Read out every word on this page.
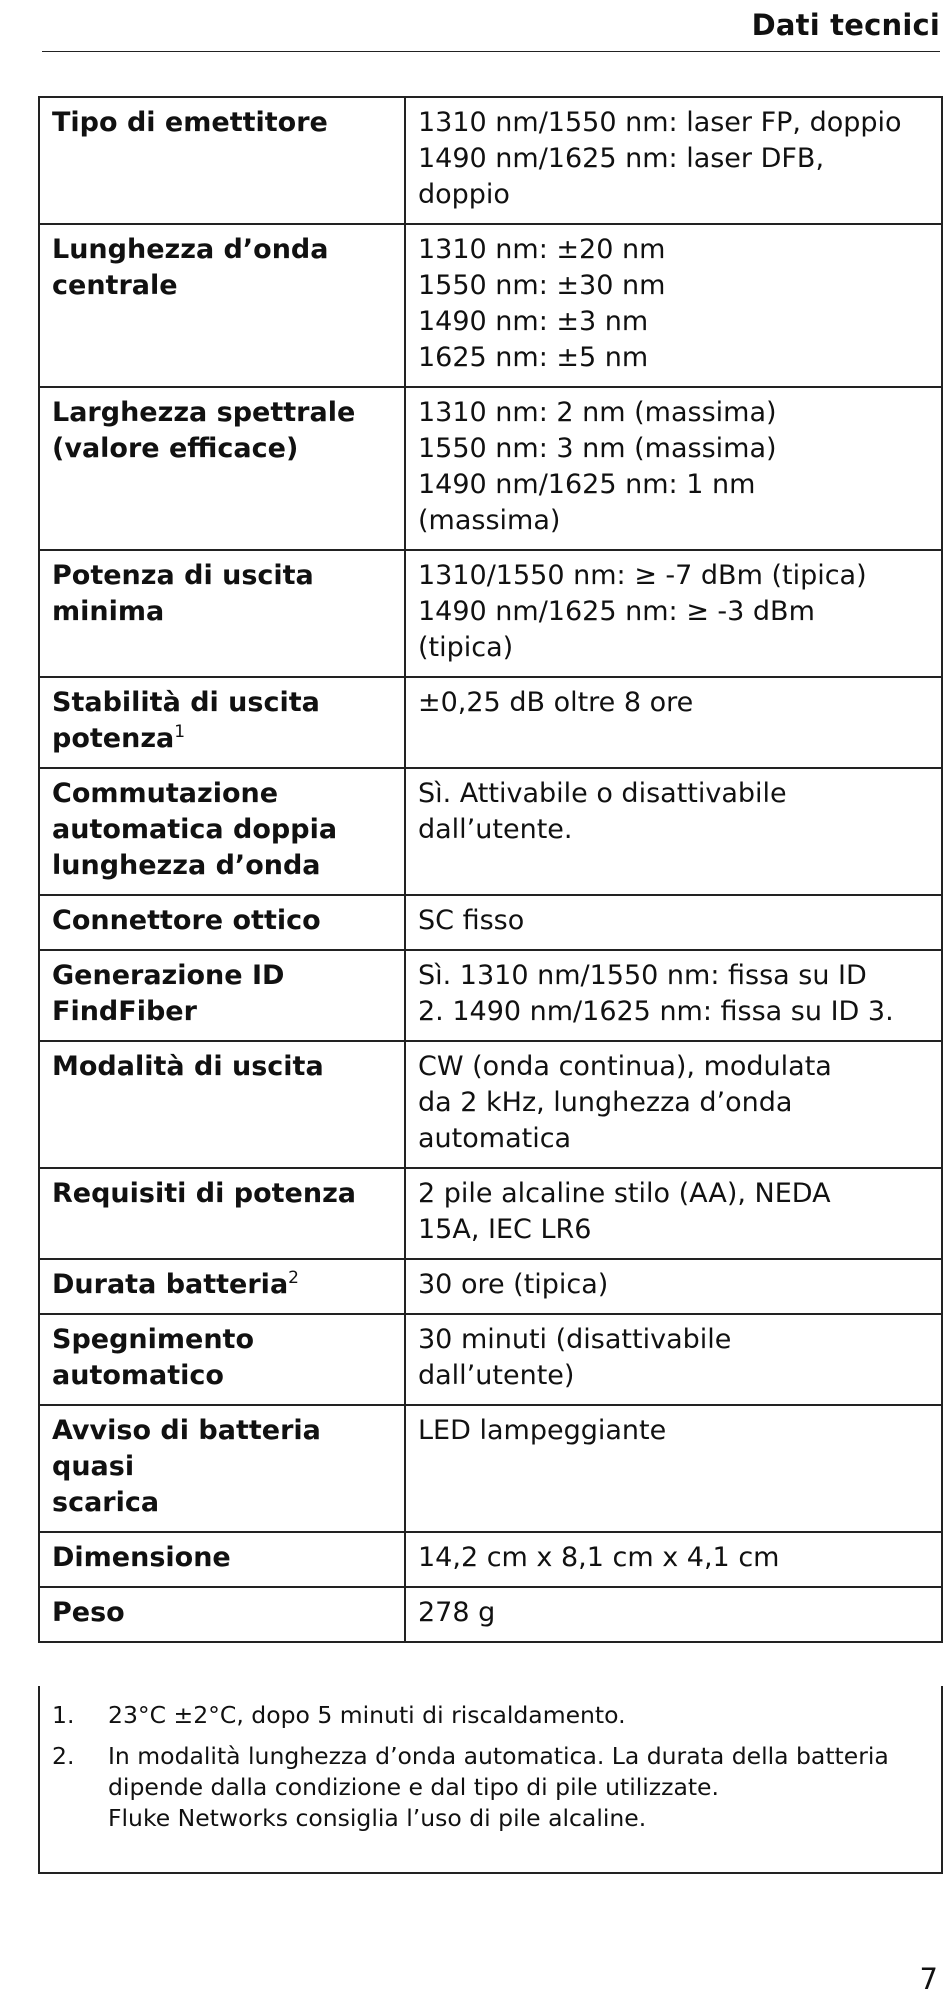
Dati tecnici
Tipo di emettitore	1310 nm/1550 nm: laser FP, doppio
1490 nm/1625 nm: laser DFB,
doppio

Lunghezza d’onda
centrale	1310 nm: ±20 nm
1550 nm: ±30 nm
1490 nm: ±3 nm
1625 nm: ±5 nm

Larghezza spettrale
(valore efficace)	1310 nm: 2 nm (massima)
1550 nm: 3 nm (massima)
1490 nm/1625 nm: 1 nm
(massima)

Potenza di uscita
minima	1310/1550 nm: ≥ -7 dBm (tipica)
1490 nm/1625 nm: ≥ -3 dBm
(tipica)

Stabilità di uscita
potenza$^1$	±0,25 dB oltre 8 ore

Commutazione
automatica doppia
lunghezza d’onda	Sì. Attivabile o disattivabile
dall’utente.

Connettore ottico	SC fisso

Generazione ID
FindFiber	Sì. 1310 nm/1550 nm: fissa su ID
2. 1490 nm/1625 nm: fissa su ID 3.

Modalità di uscita	CW (onda continua), modulata
da 2 kHz, lunghezza d’onda
automatica

Requisiti di potenza	2 pile alcaline stilo (AA), NEDA
15A, IEC LR6

Durata batteria$^2$	30 ore (tipica)

Spegnimento
automatico	30 minuti (disattivabile
dall’utente)

Avviso di batteria quasi
scarica	LED lampeggiante

Dimensione	14,2 cm x 8,1 cm x 4,1 cm

Peso	278 g
1.	23°C ±2°C, dopo 5 minuti di riscaldamento.
2.	In modalità lunghezza d’onda automatica. La durata della batteria
dipende dalla condizione e dal tipo di pile utilizzate.
Fluke Networks consiglia l’uso di pile alcaline.
7
